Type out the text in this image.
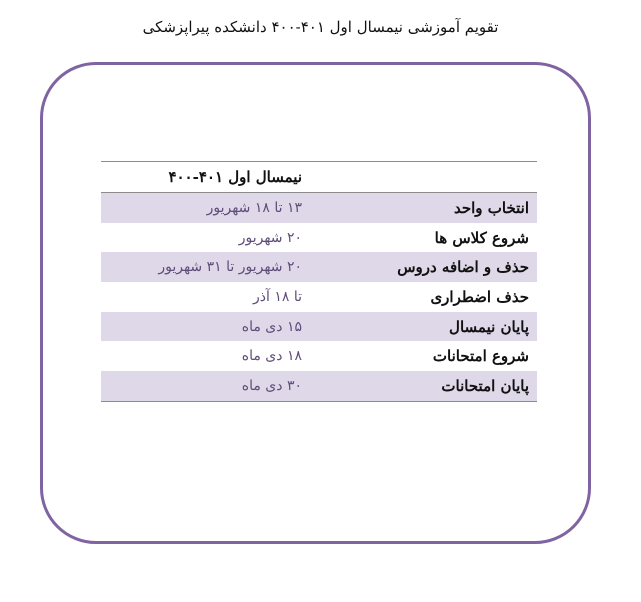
تقویم آموزشی نیمسال اول ۴۰۱-۴۰۰ دانشکده پیراپزشکی
نیمسال اول ۴۰۱-۴۰۰
انتخاب واحد
۱۳ تا ۱۸ شهریور
شروع کلاس ها
۲۰ شهریور
حذف و اضافه دروس
۲۰ شهریور تا ۳۱ شهریور
حذف اضطراری
تا ۱۸ آذر
پایان نیمسال
۱۵ دی ماه
شروع امتحانات
۱۸ دی ماه
پایان امتحانات
۳۰ دی ماه
